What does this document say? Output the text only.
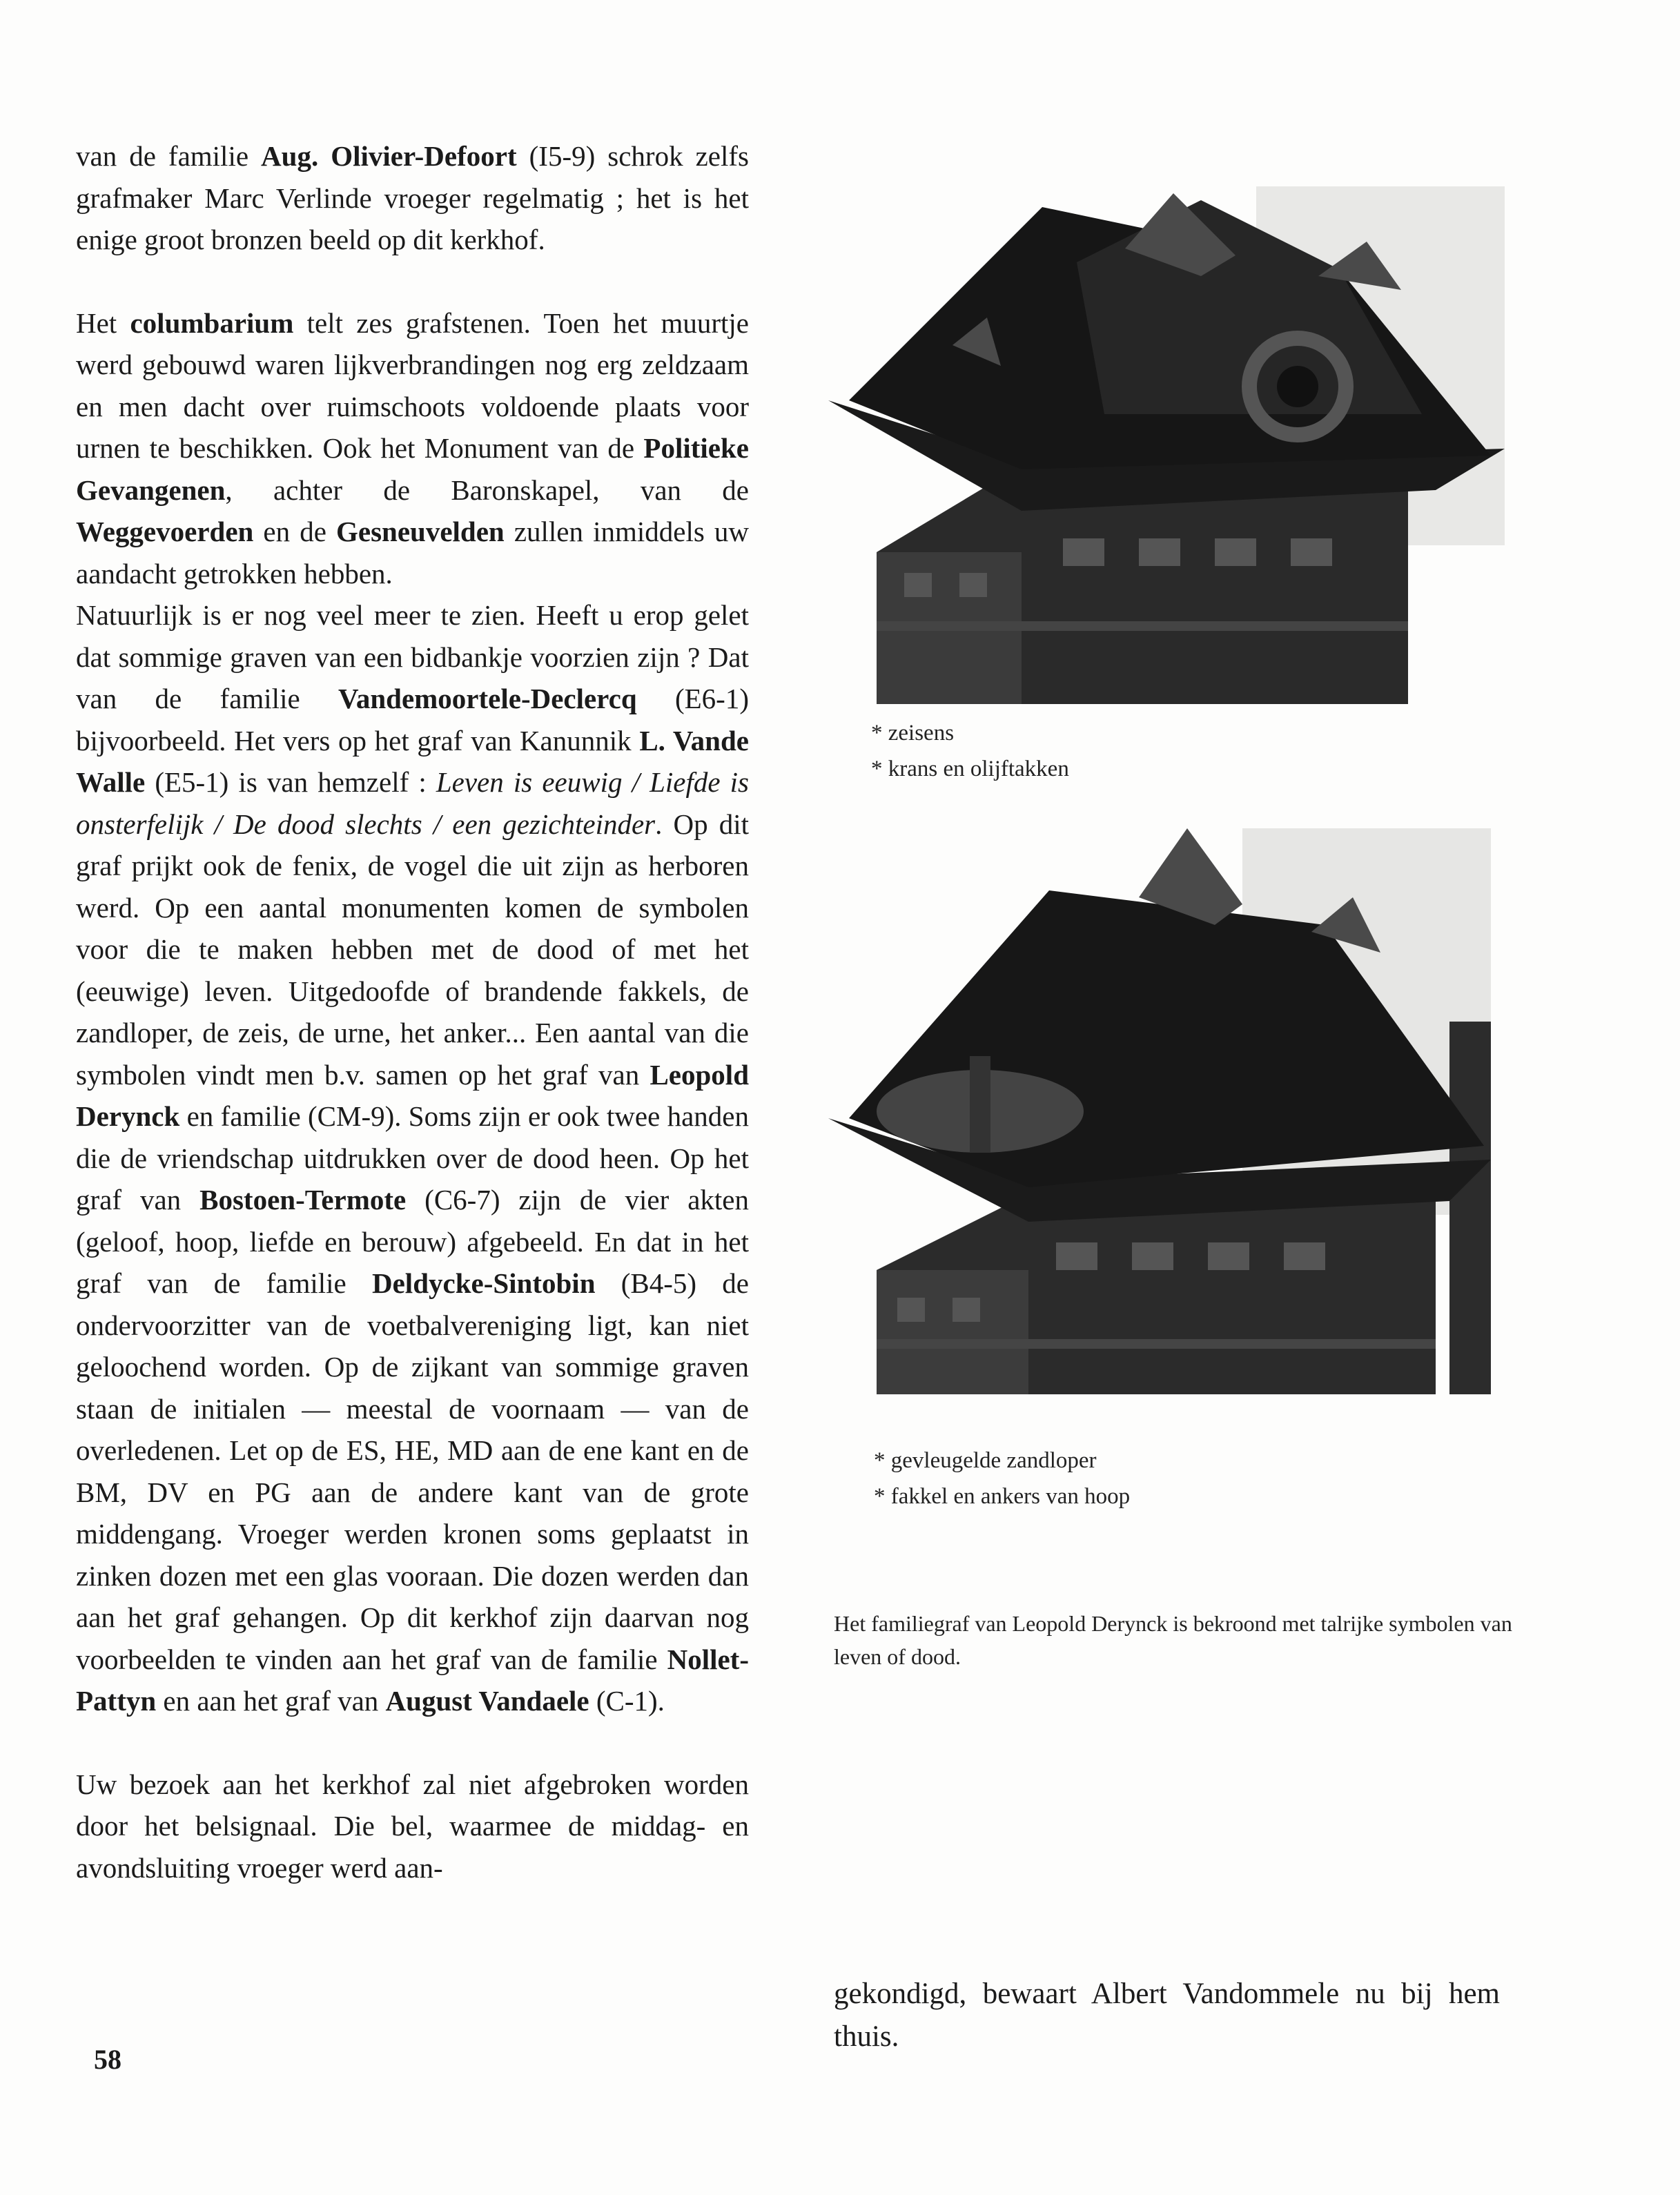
van de familie Aug. Olivier-Defoort (I5-9) schrok zelfs grafmaker Marc Verlinde vroeger regelmatig ; het is het enige groot bronzen beeld op dit kerkhof.

Het columbarium telt zes grafstenen. Toen het muurtje werd gebouwd waren lijkverbrandingen nog erg zeldzaam en men dacht over ruimschoots voldoende plaats voor urnen te beschikken. Ook het Monument van de Politieke Gevangenen, achter de Baronskapel, van de Weggevoerden en de Gesneuvelden zullen inmiddels uw aandacht getrokken hebben.

Natuurlijk is er nog veel meer te zien. Heeft u erop gelet dat sommige graven van een bidbankje voorzien zijn ? Dat van de familie Vandemoortele-Declercq (E6-1) bijvoorbeeld. Het vers op het graf van Kanunnik L. Vande Walle (E5-1) is van hemzelf : Leven is eeuwig / Liefde is onsterfelijk / De dood slechts / een gezichteinder. Op dit graf prijkt ook de fenix, de vogel die uit zijn as herboren werd. Op een aantal monumenten komen de symbolen voor die te maken hebben met de dood of met het (eeuwige) leven. Uitgedoofde of brandende fakkels, de zandloper, de zeis, de urne, het anker... Een aantal van die symbolen vindt men b.v. samen op het graf van Leopold Derynck en familie (CM-9). Soms zijn er ook twee handen die de vriendschap uitdrukken over de dood heen. Op het graf van Bostoen-Termote (C6-7) zijn de vier akten (geloof, hoop, liefde en berouw) afgebeeld. En dat in het graf van de familie Deldycke-Sintobin (B4-5) de ondervoorzitter van de voetbalvereniging ligt, kan niet geloochend worden. Op de zijkant van sommige graven staan de initialen — meestal de voornaam — van de overledenen. Let op de ES, HE, MD aan de ene kant en de BM, DV en PG aan de andere kant van de grote middengang. Vroeger werden kronen soms geplaatst in zinken dozen met een glas vooraan. Die dozen werden dan aan het graf gehangen. Op dit kerkhof zijn daarvan nog voorbeelden te vinden aan het graf van de familie Nollet-Pattyn en aan het graf van August Vandaele (C-1).

Uw bezoek aan het kerkhof zal niet afgebroken worden door het belsignaal. Die bel, waarmee de middag- en avondsluiting vroeger werd aan-

* zeisens
* krans en olijftakken
* gevleugelde zandloper
* fakkel en ankers van hoop
Het familiegraf van Leopold Derynck is bekroond met talrijke symbolen van leven of dood.
gekondigd, bewaart Albert Vandommele nu bij hem thuis.
58
